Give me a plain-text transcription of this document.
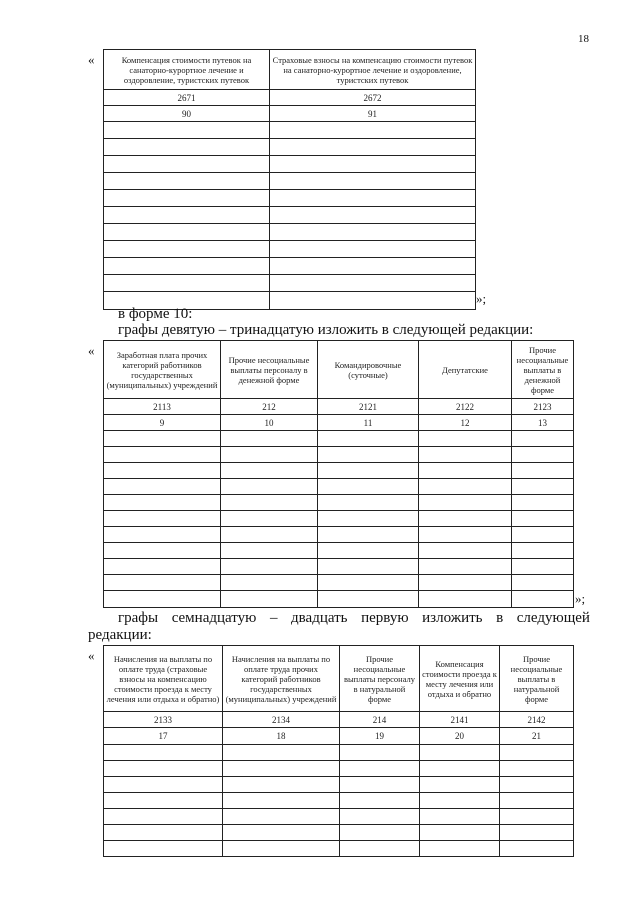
18
«	Компенсация стоимости путевок на санаторно-курортное лечение и оздоровление, туристских путевок	Страховые взносы на компенсацию стоимости путевок на санаторно-курортное лечение и оздоровление, туристских путевок
2671	2672
90	91

»;
в форме 10:
графы девятую – тринадцатую изложить в следующей редакции:
«	Заработная плата прочих категорий работников государственных (муниципальных) учреждений	Прочие несоциальные выплаты персоналу в денежной форме	Командировочные (суточные)	Депутатские	Прочие несоциальные выплаты в денежной форме
2113	212	2121	2122	2123
9	10	11	12	13

»;
графы семнадцатую – двадцать первую изложить в следующей
редакции:
« Начисления на выплаты по оплате труда (страховые взносы на компенсацию стоимости проезда к месту лечения или отдыха и обратно)	Начисления на выплаты по оплате труда прочих категорий работников государственных (муниципальных) учреждений	Прочие несоциальные выплаты персоналу в натуральной форме	Компенсация стоимости проезда к месту лечения или отдыха и обратно	Прочие несоциальные выплаты в натуральной форме
2133	2134	214	2141	2142
17	18	19	20	21
